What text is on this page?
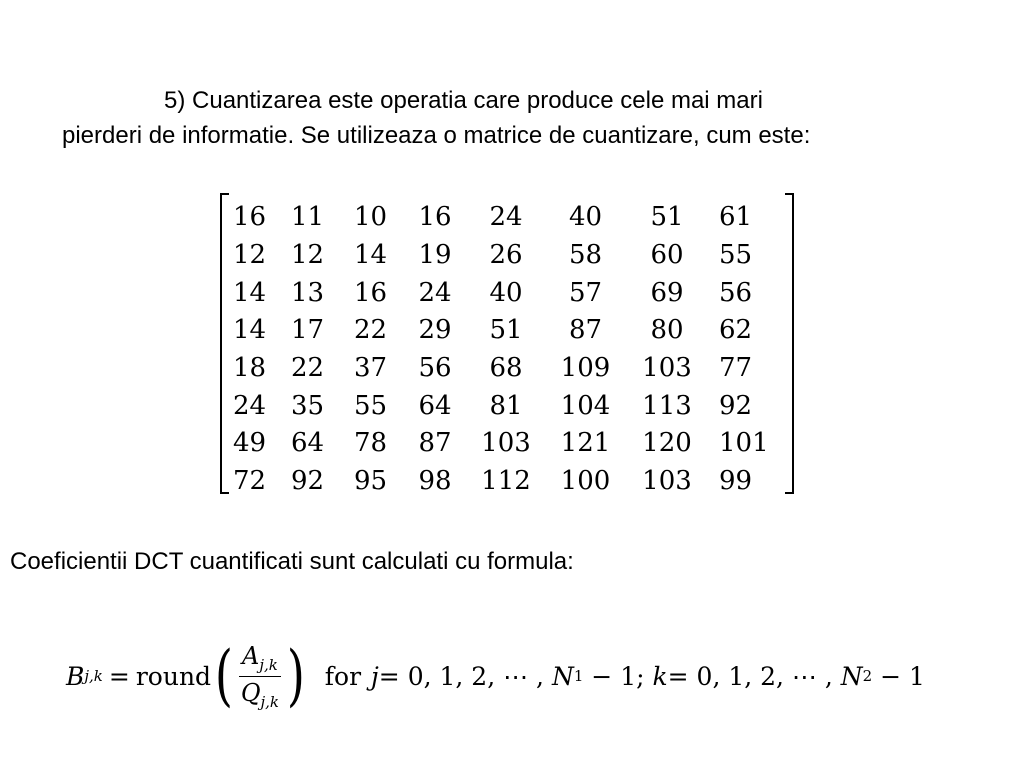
5) Cuantizarea este operatia care produce cele mai mari
pierderi de informatie. Se utilizeaza o matrice de cuantizare, cum este:
16	11	10	16	24	40	51	61
12	12	14	19	26	58	60	55
14	13	16	24	40	57	69	56
14	17	22	29	51	87	80	62
18	22	37	56	68	109	103	77
24	35	55	64	81	104	113	92
49	64	78	87	103	121	120	101
72	92	95	98	112	100	103	99
Coeficientii DCT cuantificati sunt calculati cu formula:
B j,k = round ( $\frac{A_{j,k}}{Q_{j,k}}$ ) for j = 0, 1, 2, ⋯ , N 1 − 1; k = 0, 1, 2, ⋯ , N 2 − 1
